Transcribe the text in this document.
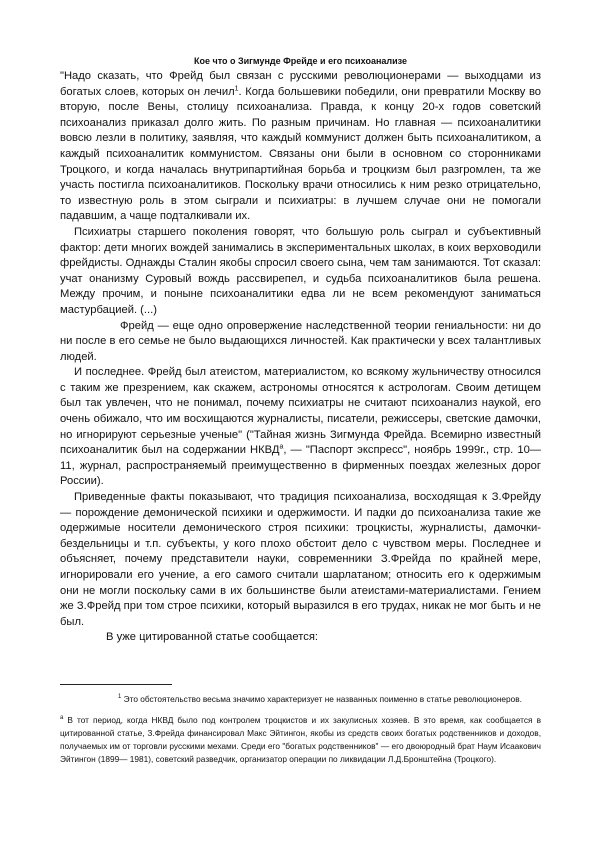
Кое что о Зигмунде Фрейде и его психоанализе

"Надо сказать, что Фрейд был связан с русскими революционерами — выходцами из богатых слоев, которых он лечил$^1$. Когда большевики победили, они превратили Москву во вторую, после Вены, столицу психоанализа. Правда, к концу 20-х годов советский психоанализ приказал долго жить. По разным причинам. Но главная — психоаналитики вовсю лезли в политику, заявляя, что каждый коммунист должен быть психоаналитиком, а каждый психоаналитик коммунистом. Связаны они были в основном со сторонниками Троцкого, и когда началась внутрипартийная борьба и троцкизм был разгромлен, та же участь постигла психоаналитиков. Поскольку врачи относились к ним резко отрицательно, то известную роль в этом сыграли и психиатры: в лучшем случае они не помогали падавшим, а чаще подталкивали их.

Психиатры старшего поколения говорят, что большую роль сыграл и субъективный фактор: дети многих вождей занимались в экспериментальных школах, в коих верховодили фрейдисты. Однажды Сталин якобы спросил своего сына, чем там занимаются. Тот сказал: учат онанизму Суровый вождь рассвирепел, и судьба психоаналитиков была решена. Между прочим, и поныне психоаналитики едва ли не всем рекомендуют заниматься мастурбацией. (...)

Фрейд — еще одно опровержение наследственной теории гениальности: ни до ни после в его семье не было выдающихся личностей. Как практически у всех талантливых людей.

И последнее. Фрейд был атеистом, материалистом, ко всякому жульничеству относился с таким же презрением, как скажем, астрономы относятся к астрологам. Своим детищем был так увлечен, что не понимал, почему психиатры не считают психоанализ наукой, его очень обижало, что им восхищаются журналисты, писатели, режиссеры, светские дамочки, но игнорируют серьезные ученые" ("Тайная жизнь Зигмунда Фрейда. Всемирно известный психоаналитик был на содержании НКВД$^a$, — "Паспорт экспресс", ноябрь 1999г., стр. 10— 11, журнал, распространяемый преимущественно в фирменных поездах железных дорог России).

Приведенные факты показывают, что традиция психоанализа, восходящая к З.Фрейду — порождение демонической психики и одержимости. И падки до психоанализа такие же одержимые носители демонического строя психики: троцкисты, журналисты, дамочки-бездельницы и т.п. субъекты, у кого плохо обстоит дело с чувством меры. Последнее и объясняет, почему представители науки, современники З.Фрейда по крайней мере, игнорировали его учение, а его самого считали шарлатаном; относить его к одержимым они не могли поскольку сами в их большинстве были атеистами-материалистами. Гением же З.Фрейд при том строе психики, который выразился в его трудах, никак не мог быть и не был.

В уже цитированной статье сообщается:

$^1$ Это обстоятельство весьма значимо характеризует не названных поименно в статье революционеров.

$^a$ В тот период, когда НКВД было под контролем троцкистов и их закулисных хозяев. В это время, как сообщается в цитированной статье, З.Фрейда финансировал Макс Эйтингон, якобы из средств своих богатых родственников и доходов, получаемых им от торговли русскими мехами. Среди его "богатых родственников" — его двоюродный брат Наум Исаакович Эйтингон (1899— 1981), советский разведчик, организатор операции по ликвидации Л.Д.Бронштейна (Троцкого).
